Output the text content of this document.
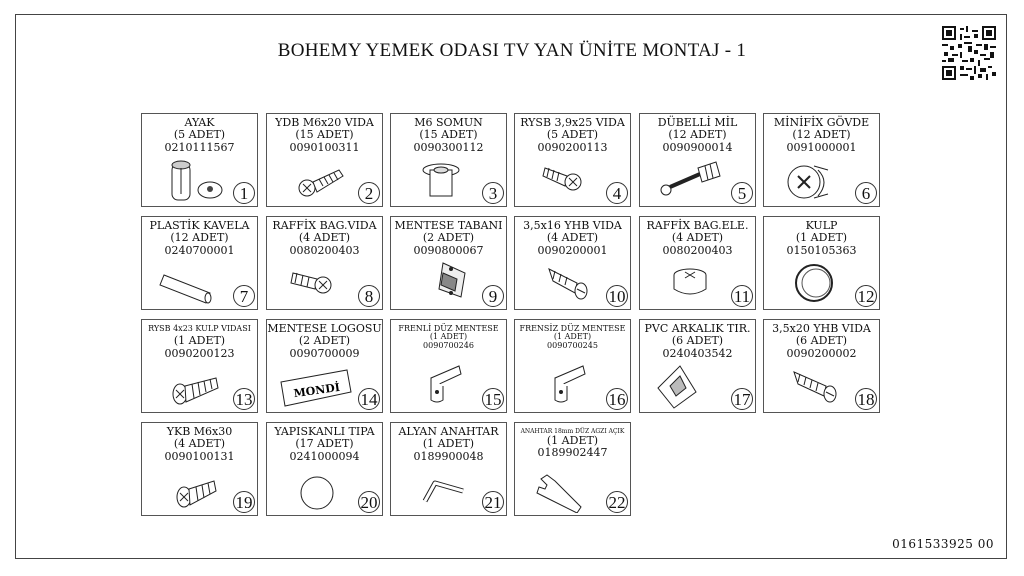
BOHEMY YEMEK ODASI TV YAN ÜNİTE MONTAJ - 1
0161533925 00
AYAK
(5 ADET)
0210111567
1
YDB M6x20 VIDA
(15 ADET)
0090100311
2
M6 SOMUN
(15 ADET)
0090300112
3
RYSB 3,9x25 VIDA
(5 ADET)
0090200113
4
DÜBELLİ MİL
(12 ADET)
0090900014
5
MİNİFİX GÖVDE
(12 ADET)
0091000001
6
PLASTİK KAVELA
(12 ADET)
0240700001
7
RAFFİX BAG.VIDA
(4 ADET)
0080200403
8
MENTESE TABANI
(2 ADET)
0090800067
9
3,5x16 YHB VIDA
(4 ADET)
0090200001
10
RAFFİX BAG.ELE.
(4 ADET)
0080200403
11
KULP
(1 ADET)
0150105363
12
RYSB 4x23 KULP VIDASI
(1 ADET)
0090200123
13
MENTESE LOGOSU
(2 ADET)
0090700009
MONDİ 14
FRENLİ DÜZ MENTESE
(1 ADET)
0090700246
15
FRENSİZ DÜZ MENTESE
(1 ADET)
0090700245
16
PVC ARKALIK TIR.
(6 ADET)
0240403542
17
3,5x20 YHB VIDA
(6 ADET)
0090200002
18
YKB M6x30
(4 ADET)
0090100131
19
YAPISKANLI TIPA
(17 ADET)
0241000094
20
ALYAN ANAHTAR
(1 ADET)
0189900048
21
ANAHTAR 18mm DÜZ AGZI AÇIK
(1 ADET)
0189902447
22
